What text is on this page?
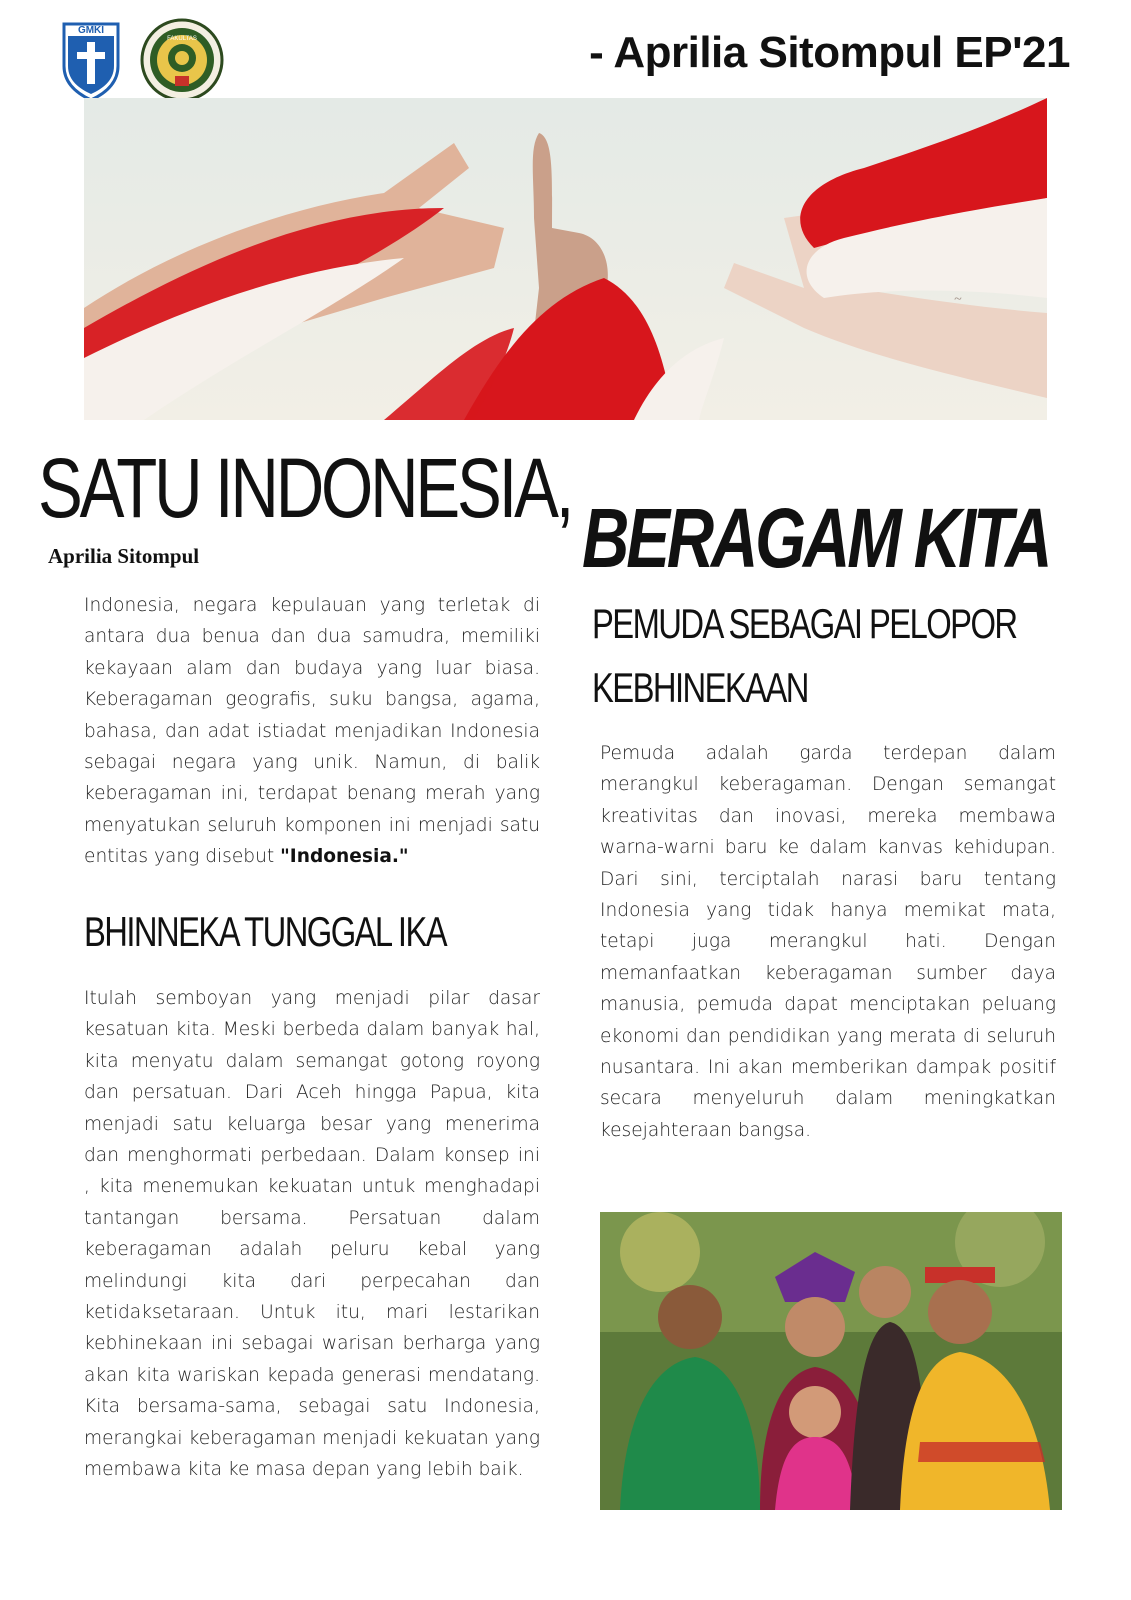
GMKI
FAKULTAS	- Aprilia Sitompul EP'21
~
SATU INDONESIA,
BERAGAM KITA
Aprilia Sitompul
Indonesia, negara kepulauan yang terletak di antara dua benua dan dua samudra, memiliki kekayaan alam dan budaya yang luar biasa. Keberagaman geografis, suku bangsa, agama, bahasa, dan adat istiadat menjadikan Indonesia sebagai negara yang unik. Namun, di balik keberagaman ini, terdapat benang merah yang menyatukan seluruh komponen ini menjadi satu entitas yang disebut "Indonesia."
BHINNEKA TUNGGAL IKA
Itulah semboyan yang menjadi pilar dasar kesatuan kita. Meski berbeda dalam banyak hal, kita menyatu dalam semangat gotong royong dan persatuan. Dari Aceh hingga Papua, kita menjadi satu keluarga besar yang menerima dan menghormati perbedaan. Dalam konsep ini , kita menemukan kekuatan untuk menghadapi tantangan bersama. Persatuan dalam keberagaman adalah peluru kebal yang melindungi kita dari perpecahan dan ketidaksetaraan. Untuk itu, mari lestarikan kebhinekaan ini sebagai warisan berharga yang akan kita wariskan kepada generasi mendatang. Kita bersama-sama, sebagai satu Indonesia, merangkai keberagaman menjadi kekuatan yang membawa kita ke masa depan yang lebih baik.
PEMUDA SEBAGAI PELOPOR
KEBHINEKAAN
Pemuda adalah garda terdepan dalam merangkul keberagaman. Dengan semangat kreativitas dan inovasi, mereka membawa warna-warni baru ke dalam kanvas kehidupan. Dari sini, terciptalah narasi baru tentang Indonesia yang tidak hanya memikat mata, tetapi juga merangkul hati. Dengan memanfaatkan keberagaman sumber daya manusia, pemuda dapat menciptakan peluang ekonomi dan pendidikan yang merata di seluruh nusantara. Ini akan memberikan dampak positif secara menyeluruh dalam meningkatkan kesejahteraan bangsa.
